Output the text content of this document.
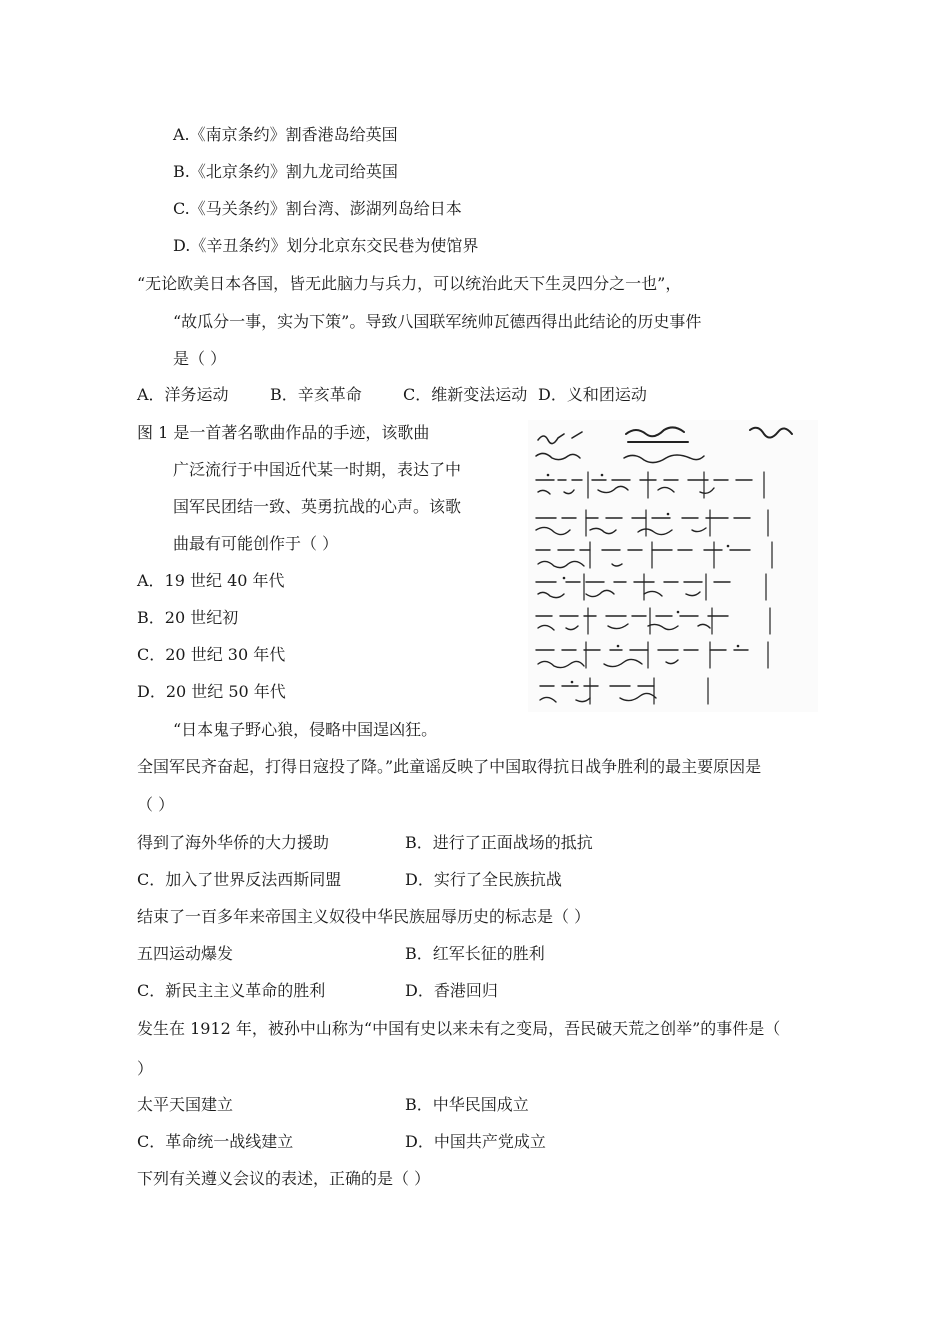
A.《南京条约》割香港岛给英国
B.《北京条约》割九龙司给英国
C.《马关条约》割台湾、澎湖列岛给日本
D.《辛丑条约》划分北京东交民巷为使馆界
“无论欧美日本各国，皆无此脑力与兵力，可以统治此天下生灵四分之一也”，
“故瓜分一事，实为下策”。导致八国联军统帅瓦德西得出此结论的历史事件
是（ ）
A．洋务运动	B．辛亥革命	C．维新变法运动 D．义和团运动
图 1 是一首著名歌曲作品的手迹，该歌曲
广泛流行于中国近代某一时期，表达了中
国军民团结一致、英勇抗战的心声。该歌
曲最有可能创作于（ ）
A．19 世纪 40 年代
B．20 世纪初
C．20 世纪 30 年代
D．20 世纪 50 年代
“日本鬼子野心狼，侵略中国逞凶狂。
全国军民齐奋起，打得日寇投了降。”此童谣反映了中国取得抗日战争胜利的最主要原因是
（ ）
得到了海外华侨的大力援助	B．进行了正面战场的抵抗
C．加入了世界反法西斯同盟	D．实行了全民族抗战
结束了一百多年来帝国主义奴役中华民族屈辱历史的标志是（ ）
五四运动爆发	B．红军长征的胜利
C．新民主主义革命的胜利	D．香港回归
发生在 1912 年，被孙中山称为“中国有史以来未有之变局，吾民破天荒之创举”的事件是（
）
太平天国建立	B．中华民国成立
C．革命统一战线建立	D．中国共产党成立
下列有关遵义会议的表述，正确的是（ ）
